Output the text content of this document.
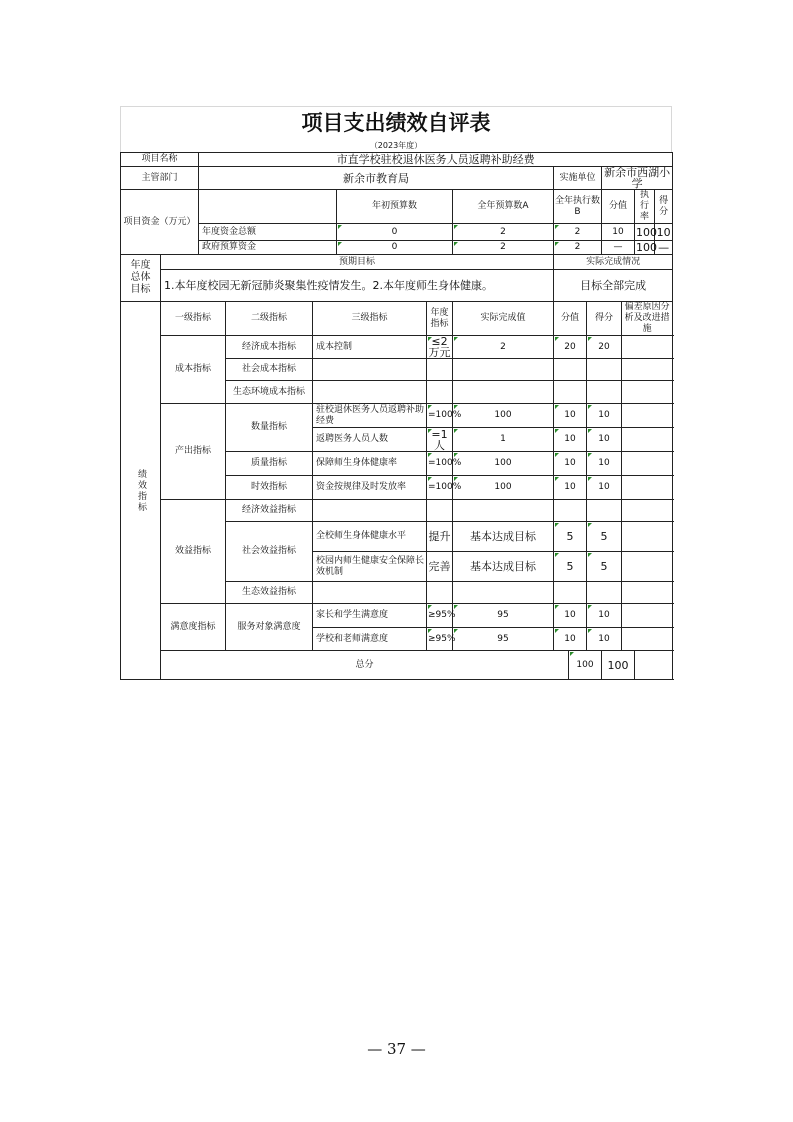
项目支出绩效自评表
（2023年度）
项目名称		市直学校驻校退休医务人员返聘补助经费												
主管部门		新余市教育局						实施单位			新余市西湖小学			
项目资金（万元）					年初预算数		全年预算数A	全年执行数B			分值		执行率	得分
		年度资金总额			0		2	2			10		100	10
		政府预算资金			0		2	2			—		100	—
年度总体目标	预期目标							实际完成情况						
	1.本年度校园无新冠肺炎聚集性疫情发生。2.本年度师生身体健康。							目标全部完成						

绩效指标	一级指标		二级指标	三级指标		年度指标	实际完成值	分值		得分		偏差原因分析及改进措施		
	成本指标		经济成本指标	成本控制		≤2万元	2	20		20				
			社会成本指标											
			生态环境成本指标											
	产出指标		数量指标	驻校退休医务人员返聘补助经费		=100%	100	10		10				
				返聘医务人员人数		=1人	1	10		10				
			质量指标	保障师生身体健康率		=100%	100	10		10				
			时效指标	资金按规律及时发放率		=100%	100	10		10				
	效益指标		经济效益指标											
			社会效益指标	全校师生身体健康水平		提升	基本达成目标	5		5				
				校园内师生健康安全保障长效机制		完善	基本达成目标	5		5				
			生态效益指标											
	满意度指标		服务对象满意度	家长和学生满意度		≥95%	95	10		10				
				学校和老师满意度		≥95%	95	10		10				
	总分								100		100			
— 37 —
